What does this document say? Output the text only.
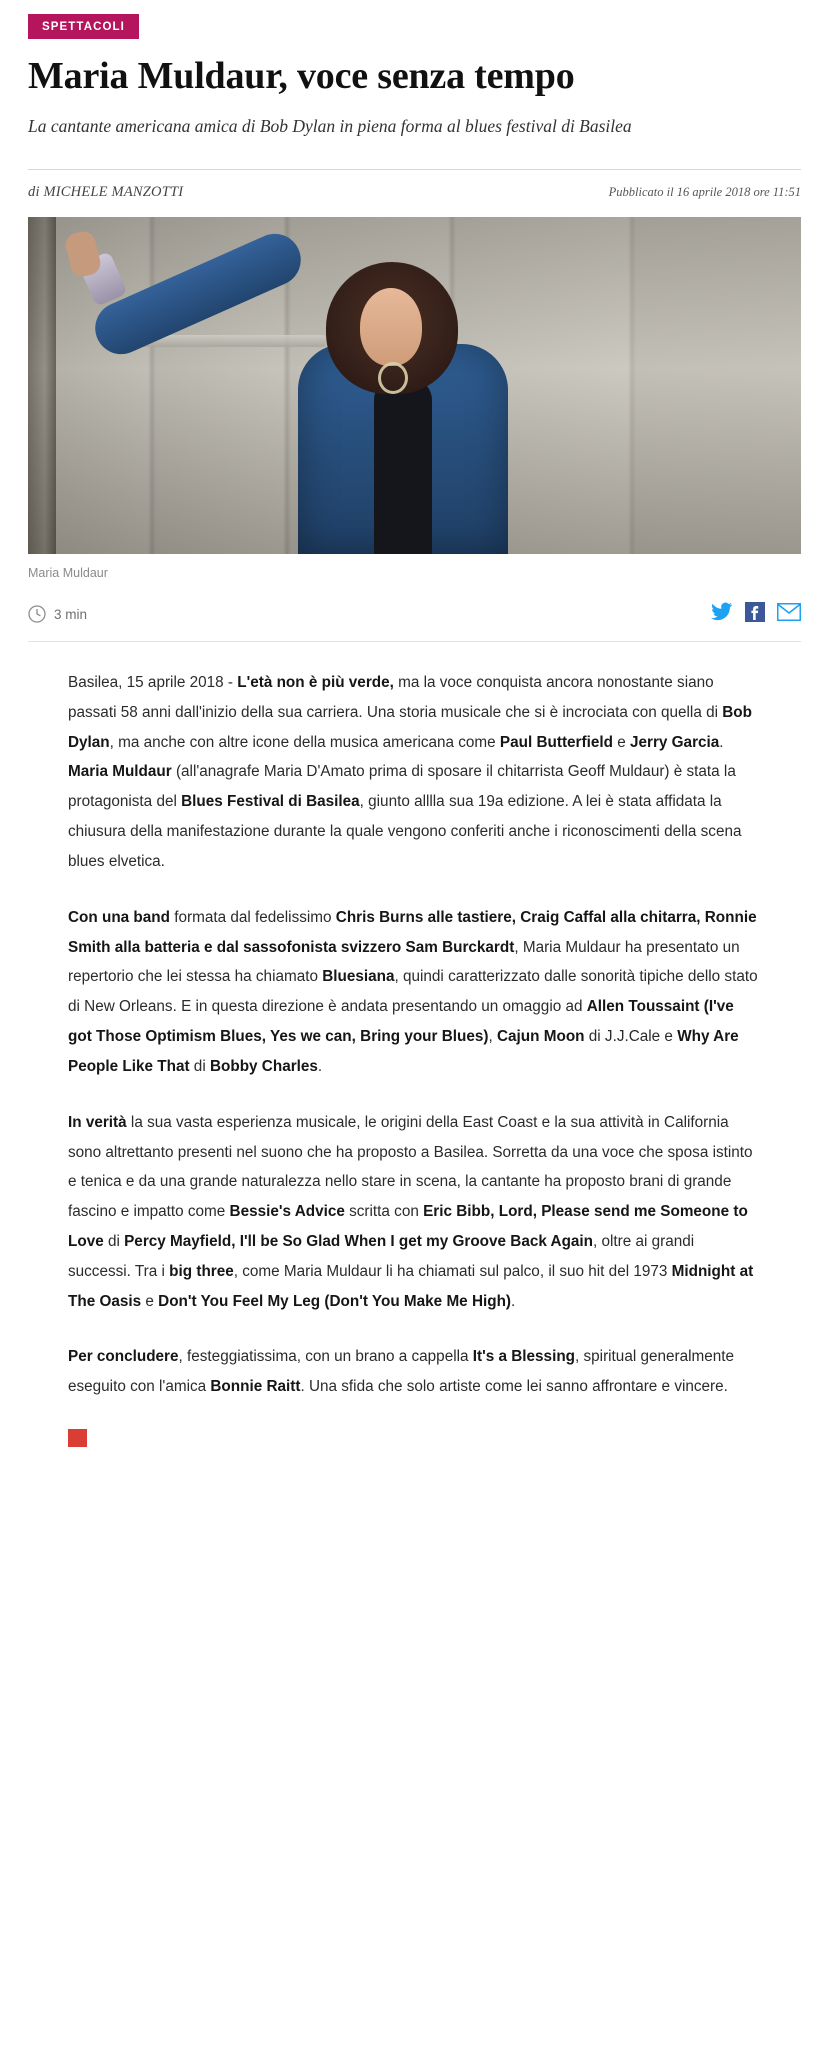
SPETTACOLI
Maria Muldaur, voce senza tempo

La cantante americana amica di Bob Dylan in piena forma al blues festival di Basilea

di MICHELE MANZOTTI	Pubblicato il 16 aprile 2018 ore 11:51
Maria Muldaur
3 min

Basilea, 15 aprile 2018 - L'età non è più verde, ma la voce conquista ancora nonostante siano passati 58 anni dall'inizio della sua carriera. Una storia musicale che si è incrociata con quella di Bob Dylan, ma anche con altre icone della musica americana come Paul Butterfield e Jerry Garcia. Maria Muldaur (all'anagrafe Maria D'Amato prima di sposare il chitarrista Geoff Muldaur) è stata la protagonista del Blues Festival di Basilea, giunto alllla sua 19a edizione. A lei è stata affidata la chiusura della manifestazione durante la quale vengono conferiti anche i riconoscimenti della scena blues elvetica.

Con una band formata dal fedelissimo Chris Burns alle tastiere, Craig Caffal alla chitarra, Ronnie Smith alla batteria e dal sassofonista svizzero Sam Burckardt, Maria Muldaur ha presentato un repertorio che lei stessa ha chiamato Bluesiana, quindi caratterizzato dalle sonorità tipiche dello stato di New Orleans. E in questa direzione è andata presentando un omaggio ad Allen Toussaint (I've got Those Optimism Blues, Yes we can, Bring your Blues), Cajun Moon di J.J.Cale e Why Are People Like That di Bobby Charles.

In verità la sua vasta esperienza musicale, le origini della East Coast e la sua attività in California sono altrettanto presenti nel suono che ha proposto a Basilea. Sorretta da una voce che sposa istinto e tenica e da una grande naturalezza nello stare in scena, la cantante ha proposto brani di grande fascino e impatto come Bessie's Advice scritta con Eric Bibb, Lord, Please send me Someone to Love di Percy Mayfield, I'll be So Glad When I get my Groove Back Again, oltre ai grandi successi. Tra i big three, come Maria Muldaur li ha chiamati sul palco, il suo hit del 1973 Midnight at The Oasis e Don't You Feel My Leg (Don't You Make Me High).

Per concludere, festeggiatissima, con un brano a cappella It's a Blessing, spiritual generalmente eseguito con l'amica Bonnie Raitt. Una sfida che solo artiste come lei sanno affrontare e vincere.
